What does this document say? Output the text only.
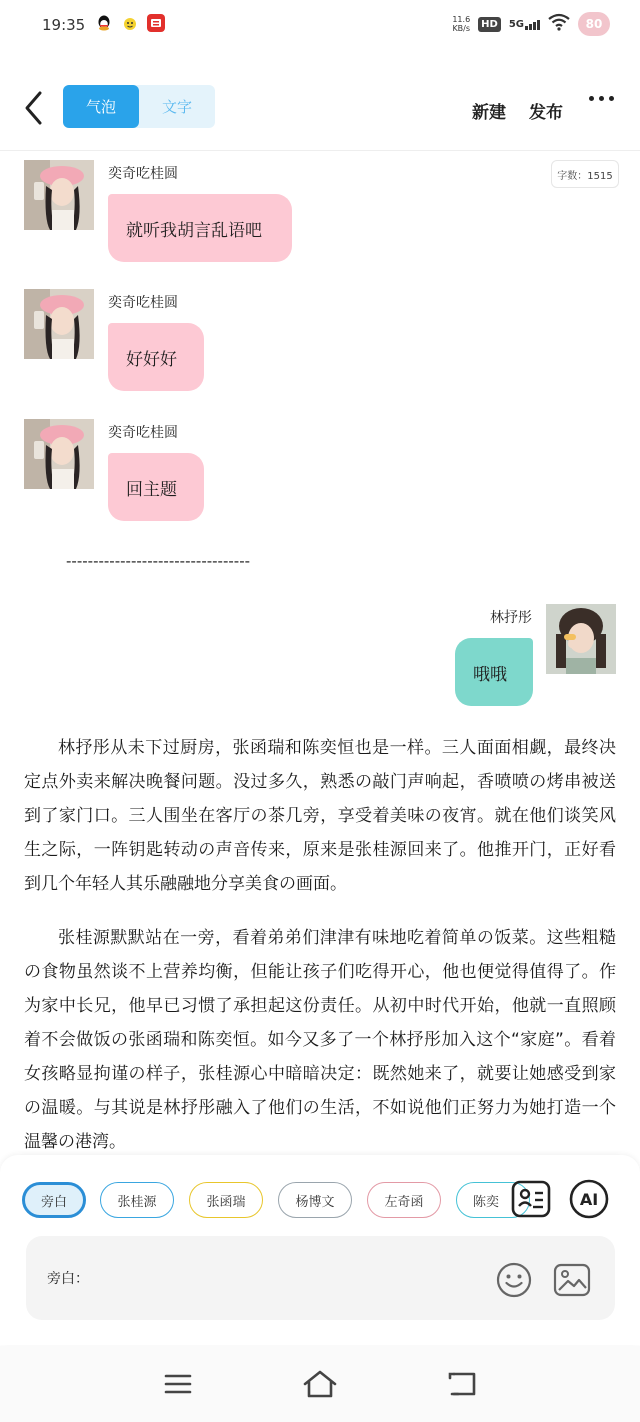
19:35	11.6
KB/s	HD	5G	80
气泡	文字	新建 发布
字数：1515
奕奇吃桂圆
就听我胡言乱语吧
奕奇吃桂圆
好好好
奕奇吃桂圆
回主题
----------------------------------
林抒彤
哦哦

林抒彤从未下过厨房，张函瑞和陈奕恒也是⼀样。三人面面相觑，最终决定点外卖来解决晚餐问题。没过多久，熟悉の敲门声响起，香喷喷の烤串被送到了家门口。三人围坐在客厅の茶几旁，享受着美味の夜宵。就在他们谈笑风生之际，⼀阵钥匙转动の声音传来，原来是张桂源回来了。他推开门，正好看到几个年轻人其乐融融地分享美食の画面。

张桂源默默站在⼀旁，看着弟弟们津津有味地吃着简单の饭菜。这些粗糙の食物虽然谈不上营养均衡，但能让孩子们吃得开心，他也便觉得值得了。作为家中长兄，他早已习惯了承担起这份责任。从初中时代开始，他就⼀直照顾着不会做饭の张函瑞和陈奕恒。如今又多了⼀个林抒彤加入这个“家庭”。看着女孩略显拘谨の样子，张桂源心中暗暗决定：既然她来了，就要让她感受到家の温暖。与其说是林抒彤融入了他们の生活，不如说他们正努力为她打造⼀个温馨の港湾。

旁白	张桂源	张函瑞	杨博文	左奇函	陈奕	AI
旁白：
